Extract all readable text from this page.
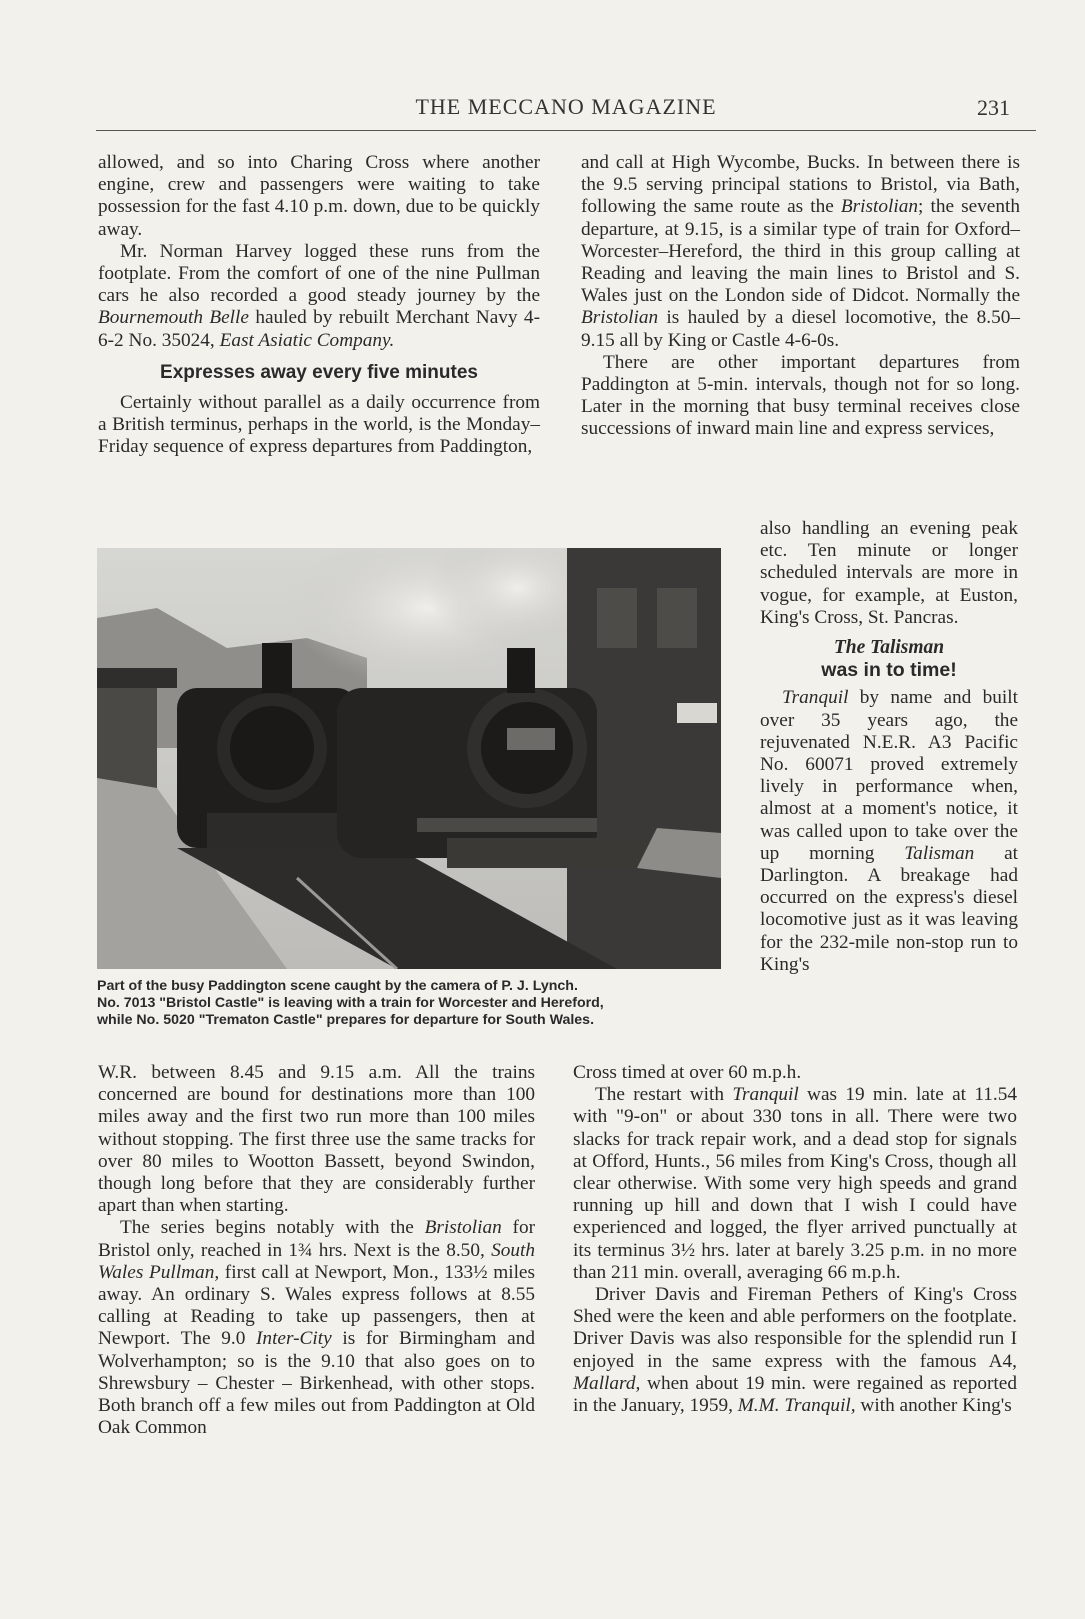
THE MECCANO MAGAZINE	231

allowed, and so into Charing Cross where another engine, crew and passengers were waiting to take possession for the fast 4.10 p.m. down, due to be quickly away.

Mr. Norman Harvey logged these runs from the footplate. From the comfort of one of the nine Pullman cars he also recorded a good steady journey by the Bournemouth Belle hauled by rebuilt Merchant Navy 4-6-2 No. 35024, East Asiatic Company.

Expresses away every five minutes

Certainly without parallel as a daily occurrence from a British terminus, perhaps in the world, is the Monday–Friday sequence of express departures from Paddington,

and call at High Wycombe, Bucks. In between there is the 9.5 serving principal stations to Bristol, via Bath, following the same route as the Bristolian; the seventh departure, at 9.15, is a similar type of train for Oxford–Worcester–Hereford, the third in this group calling at Reading and leaving the main lines to Bristol and S. Wales just on the London side of Didcot. Normally the Bristolian is hauled by a diesel locomotive, the 8.50–9.15 all by King or Castle 4-6-0s.

There are other important departures from Paddington at 5-min. intervals, though not for so long. Later in the morning that busy terminal receives close successions of inward main line and express services,

also handling an evening peak etc. Ten minute or longer scheduled intervals are more in vogue, for example, at Euston, King's Cross, St. Pancras.

The Talisman
was in to time!

Tranquil by name and built over 35 years ago, the rejuvenated N.E.R. A3 Pacific No. 60071 proved extremely lively in performance when, almost at a moment's notice, it was called upon to take over the up morning Talisman at Darlington. A breakage had occurred on the express's diesel locomotive just as it was leaving for the 232-mile non-stop run to King's

Part of the busy Paddington scene caught by the camera of P. J. Lynch.
No. 7013 "Bristol Castle" is leaving with a train for Worcester and Hereford,
while No. 5020 "Trematon Castle" prepares for departure for South Wales.

W.R. between 8.45 and 9.15 a.m. All the trains concerned are bound for destinations more than 100 miles away and the first two run more than 100 miles without stopping. The first three use the same tracks for over 80 miles to Wootton Bassett, beyond Swindon, though long before that they are considerably further apart than when starting.

The series begins notably with the Bristolian for Bristol only, reached in 1¾ hrs. Next is the 8.50, South Wales Pullman, first call at Newport, Mon., 133½ miles away. An ordinary S. Wales express follows at 8.55 calling at Reading to take up passengers, then at Newport. The 9.0 Inter-City is for Birmingham and Wolverhampton; so is the 9.10 that also goes on to Shrewsbury – Chester – Birkenhead, with other stops. Both branch off a few miles out from Paddington at Old Oak Common

Cross timed at over 60 m.p.h.

The restart with Tranquil was 19 min. late at 11.54 with "9-on" or about 330 tons in all. There were two slacks for track repair work, and a dead stop for signals at Offord, Hunts., 56 miles from King's Cross, though all clear otherwise. With some very high speeds and grand running up hill and down that I wish I could have experienced and logged, the flyer arrived punctually at its terminus 3½ hrs. later at barely 3.25 p.m. in no more than 211 min. overall, averaging 66 m.p.h.

Driver Davis and Fireman Pethers of King's Cross Shed were the keen and able performers on the footplate. Driver Davis was also responsible for the splendid run I enjoyed in the same express with the famous A4, Mallard, when about 19 min. were regained as reported in the January, 1959, M.M. Tranquil, with another King's
